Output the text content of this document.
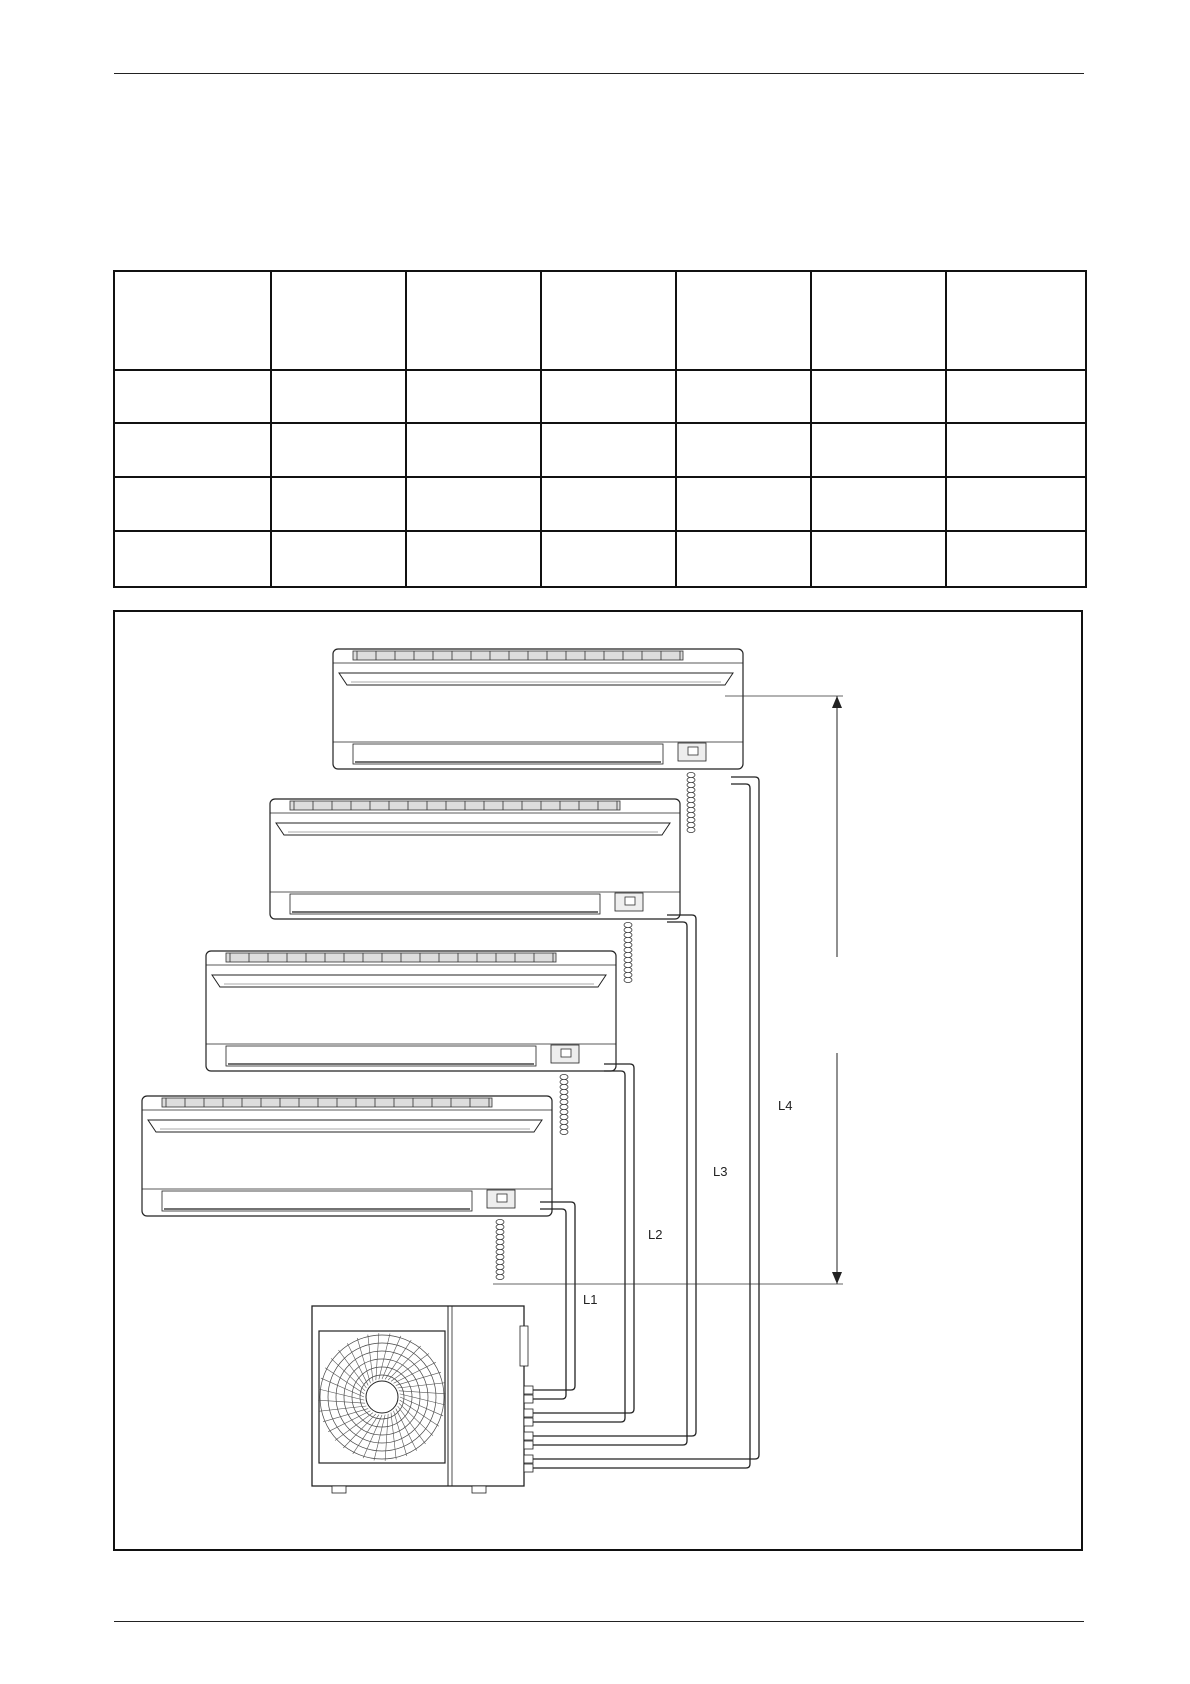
L1
L2
L3
L4
